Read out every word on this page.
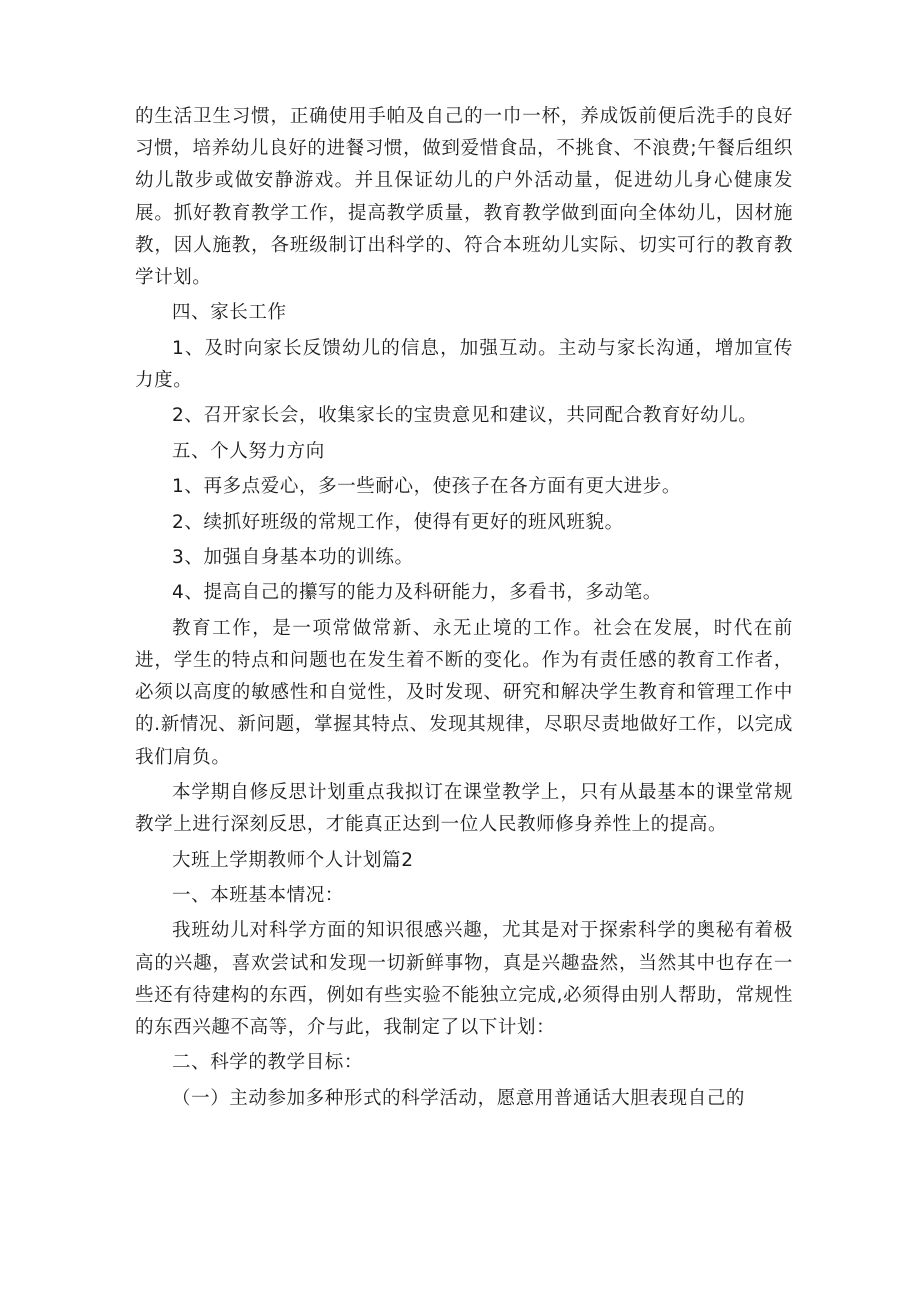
的生活卫生习惯，正确使用手帕及自己的一巾一杯，养成饭前便后洗手的良好习惯，培养幼儿良好的进餐习惯，做到爱惜食品，不挑食、不浪费;午餐后组织幼儿散步或做安静游戏。并且保证幼儿的户外活动量，促进幼儿身心健康发展。抓好教育教学工作，提高教学质量，教育教学做到面向全体幼儿，因材施教，因人施教，各班级制订出科学的、符合本班幼儿实际、切实可行的教育教学计划。

四、家长工作

1、及时向家长反馈幼儿的信息，加强互动。主动与家长沟通，增加宣传力度。

2、召开家长会，收集家长的宝贵意见和建议，共同配合教育好幼儿。

五、个人努力方向

1、再多点爱心，多一些耐心，使孩子在各方面有更大进步。

2、续抓好班级的常规工作，使得有更好的班风班貌。

3、加强自身基本功的训练。

4、提高自己的攥写的能力及科研能力，多看书，多动笔。

教育工作，是一项常做常新、永无止境的工作。社会在发展，时代在前进，学生的特点和问题也在发生着不断的变化。作为有责任感的教育工作者，必须以高度的敏感性和自觉性，及时发现、研究和解决学生教育和管理工作中的.新情况、新问题，掌握其特点、发现其规律，尽职尽责地做好工作，以完成我们肩负。

本学期自修反思计划重点我拟订在课堂教学上，只有从最基本的课堂常规教学上进行深刻反思，才能真正达到一位人民教师修身养性上的提高。

大班上学期教师个人计划篇2

一、本班基本情况：

我班幼儿对科学方面的知识很感兴趣，尤其是对于探索科学的奥秘有着极高的兴趣，喜欢尝试和发现一切新鲜事物，真是兴趣盎然，当然其中也存在一些还有待建构的东西，例如有些实验不能独立完成,必须得由别人帮助，常规性的东西兴趣不高等，介与此，我制定了以下计划：

二、科学的教学目标：

（一）主动参加多种形式的科学活动，愿意用普通话大胆表现自己的
